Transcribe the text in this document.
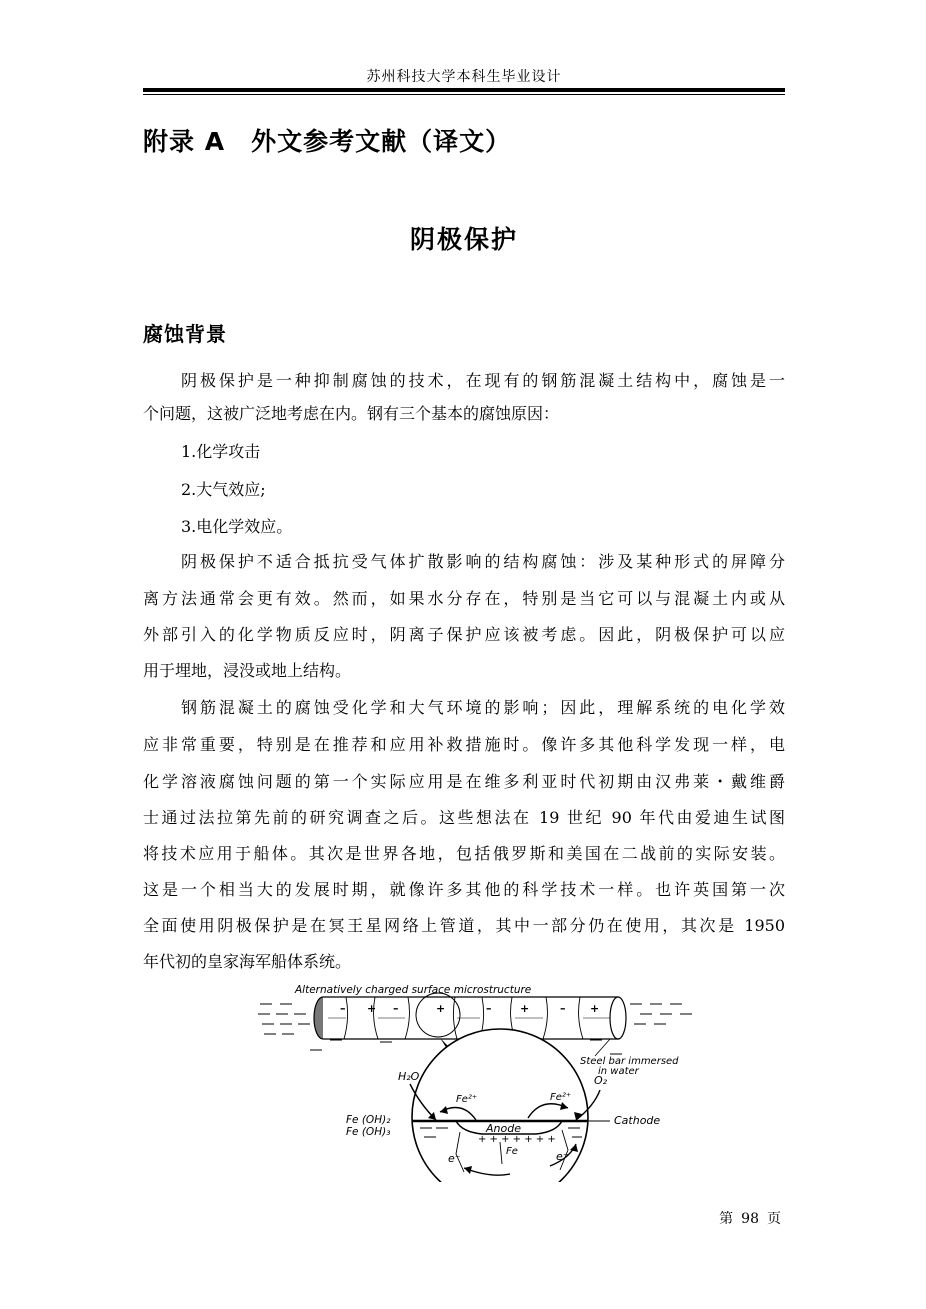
苏州科技大学本科生毕业设计
附录 A 外文参考文献（译文）
阴极保护
腐蚀背景
阴极保护是一种抑制腐蚀的技术，在现有的钢筋混凝土结构中，腐蚀是一
个问题，这被广泛地考虑在内。钢有三个基本的腐蚀原因：
1.化学攻击
2.大气效应;
3.电化学效应。
阴极保护不适合抵抗受气体扩散影响的结构腐蚀：涉及某种形式的屏障分
离方法通常会更有效。然而，如果水分存在，特别是当它可以与混凝土内或从
外部引入的化学物质反应时，阴离子保护应该被考虑。因此，阴极保护可以应
用于埋地，浸没或地上结构。
钢筋混凝土的腐蚀受化学和大气环境的影响；因此，理解系统的电化学效
应非常重要，特别是在推荐和应用补救措施时。像许多其他科学发现一样，电
化学溶液腐蚀问题的第一个实际应用是在维多利亚时代初期由汉弗莱・戴维爵
士通过法拉第先前的研究调查之后。这些想法在 19 世纪 90 年代由爱迪生试图
将技术应用于船体。其次是世界各地，包括俄罗斯和美国在二战前的实际安装。
这是一个相当大的发展时期，就像许多其他的科学技术一样。也许英国第一次
全面使用阴极保护是在冥王星网络上管道，其中一部分仍在使用，其次是 1950
年代初的皇家海军船体系统。
Alternatively charged surface microstructure
– + –	+	–	+	– +
Steel bar immersed
in water
+ + + + + + +
Anode
Fe
Cathode
H₂O	O₂
Fe²⁺	Fe²⁺
Fe (OH)₂
Fe (OH)₃
e⁻	e⁻
第 98 页
